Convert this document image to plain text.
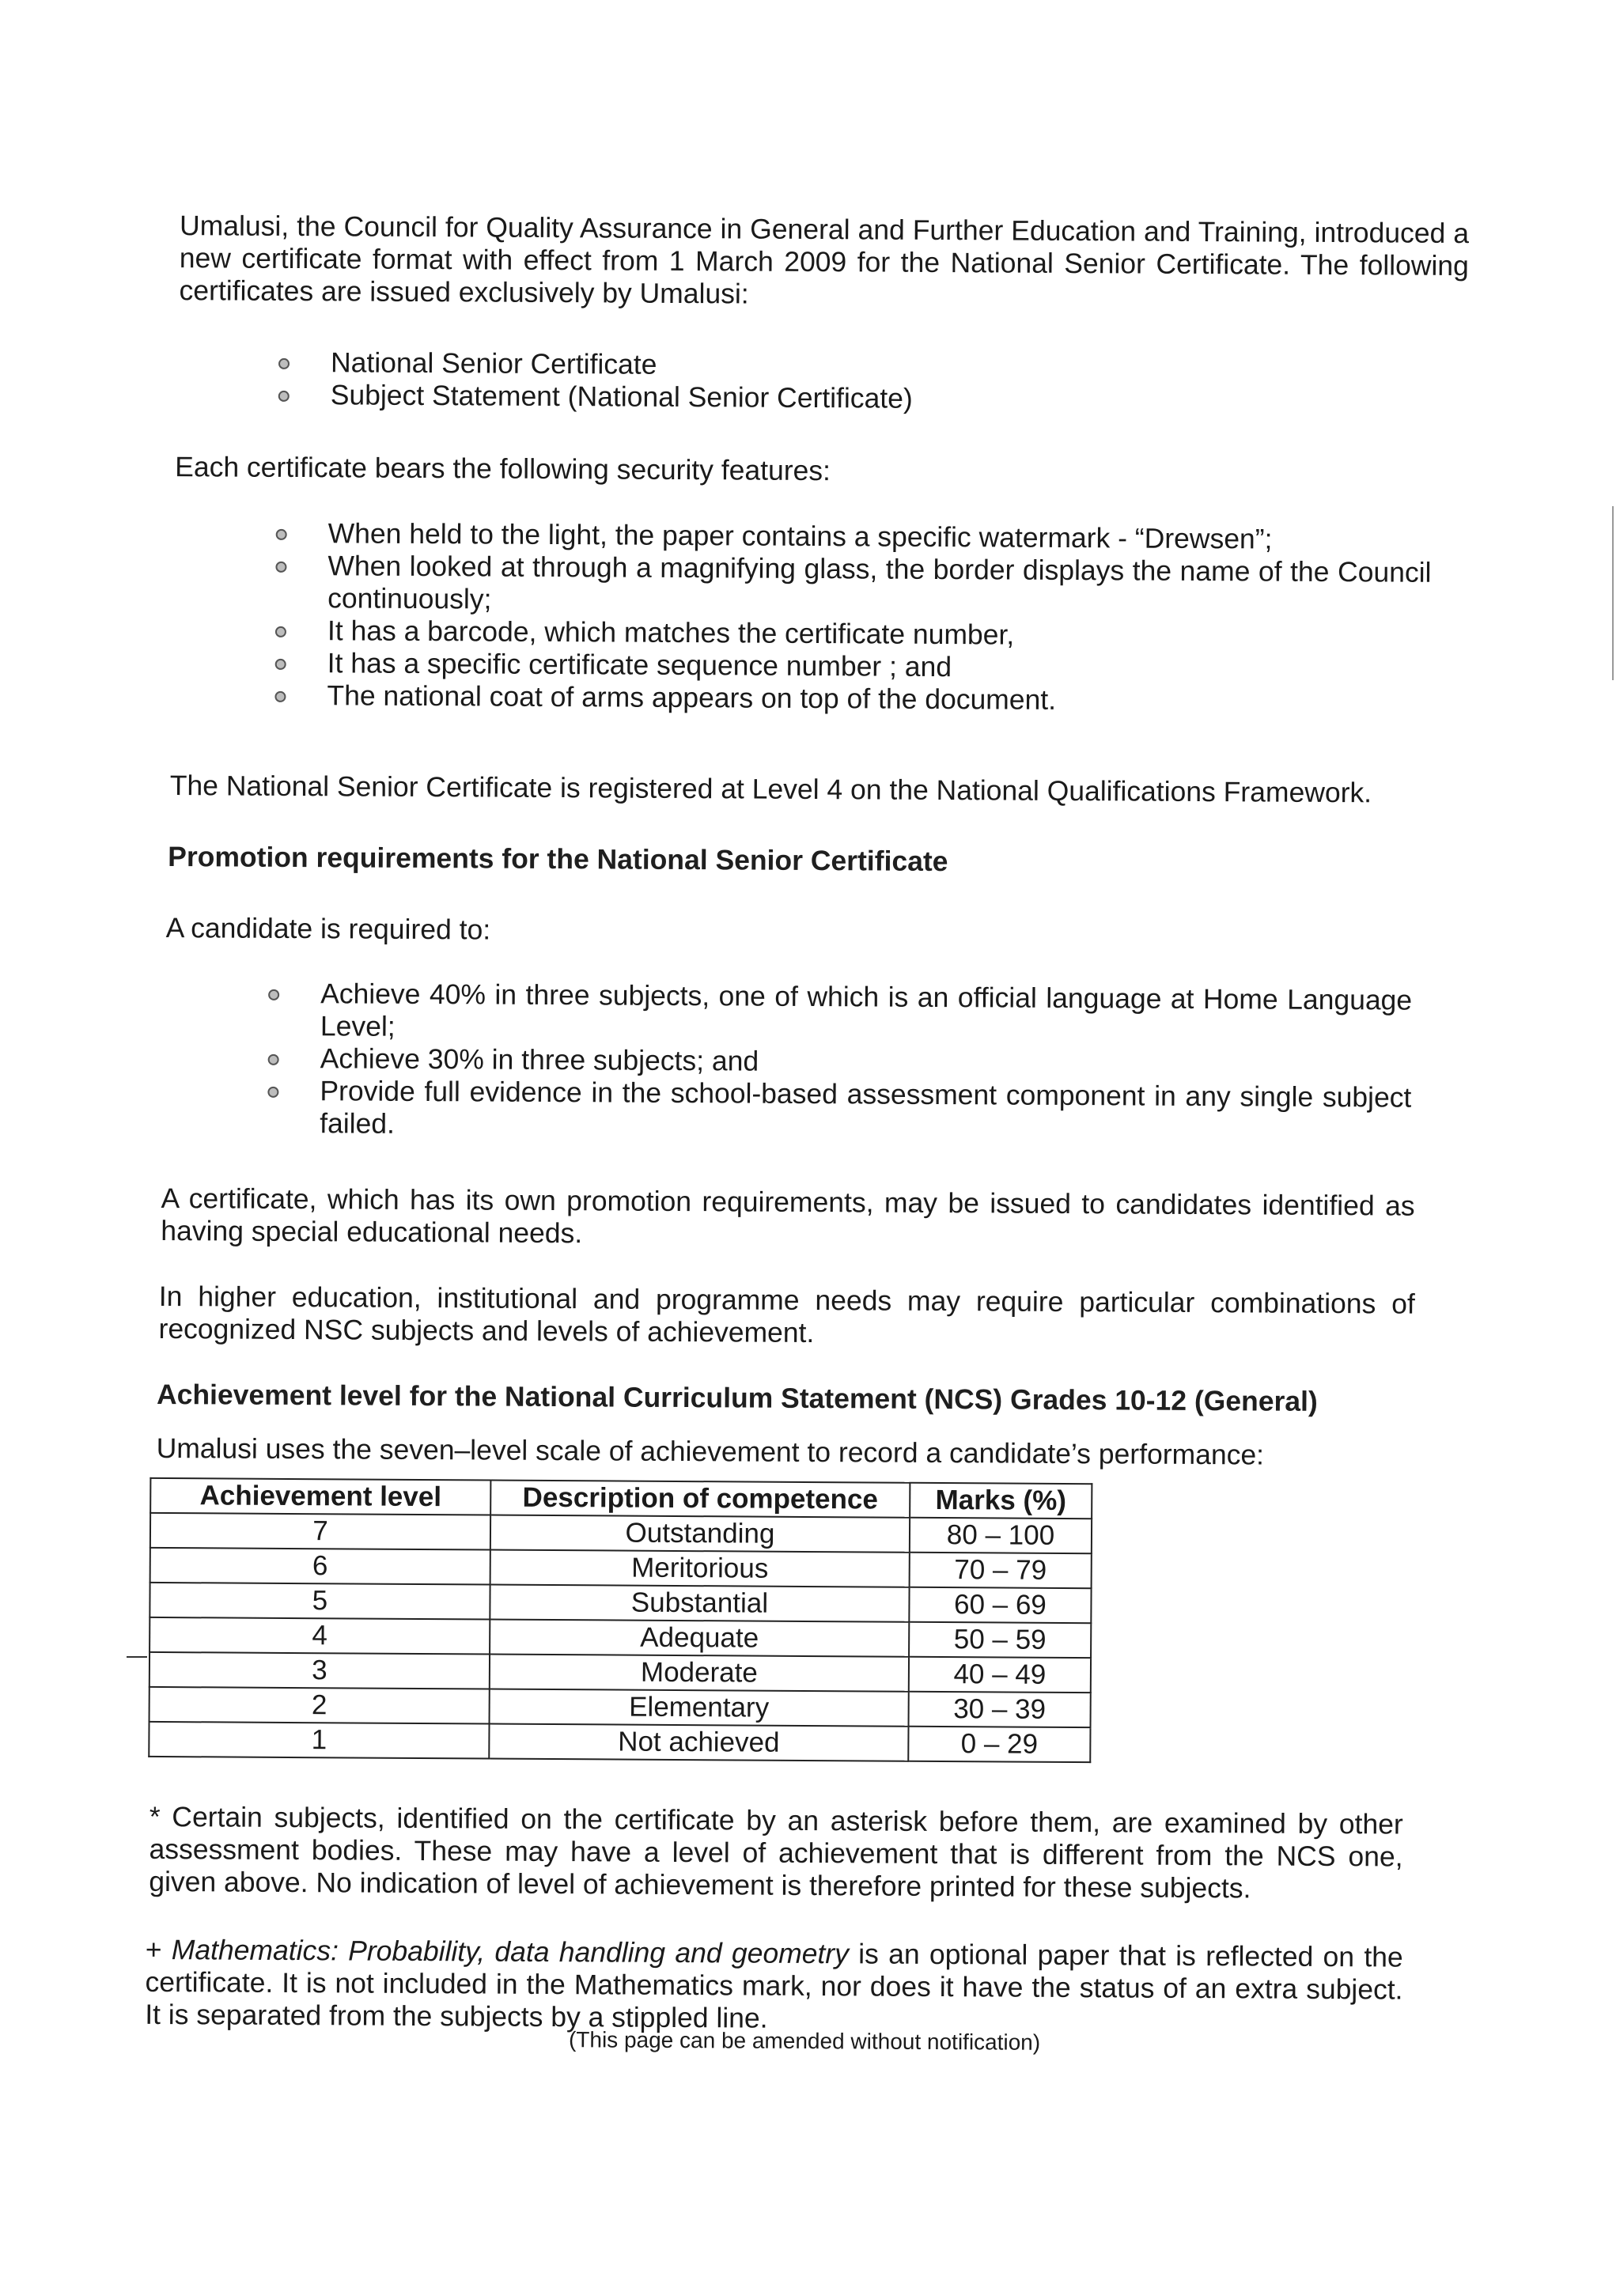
Umalusi, the Council for Quality Assurance in General and Further Education and Training, introduced a new certificate format with effect from 1 March 2009 for the National Senior Certificate. The following certificates are issued exclusively by Umalusi:

National Senior Certificate
Subject Statement (National Senior Certificate)

Each certificate bears the following security features:

When held to the light, the paper contains a specific watermark - “Drewsen”;
When looked at through a magnifying glass, the border displays the name of the Council continuously;
It has a barcode, which matches the certificate number,
It has a specific certificate sequence number ; and
The national coat of arms appears on top of the document.

The National Senior Certificate is registered at Level 4 on the National Qualifications Framework.

Promotion requirements for the National Senior Certificate

A candidate is required to:

Achieve 40% in three subjects, one of which is an official language at Home Language Level;
Achieve 30% in three subjects; and
Provide full evidence in the school-based assessment component in any single subject failed.

A certificate, which has its own promotion requirements, may be issued to candidates identified as having special educational needs.

In higher education, institutional and programme needs may require particular combinations of recognized NSC subjects and levels of achievement.

Achievement level for the National Curriculum Statement (NCS) Grades 10-12 (General)

Umalusi uses the seven–level scale of achievement to record a candidate’s performance:

Achievement level	Description of competence	Marks (%)
7	Outstanding	80 – 100
6	Meritorious	70 – 79
5	Substantial	60 – 69
4	Adequate	50 – 59
3	Moderate	40 – 49
2	Elementary	30 – 39
1	Not achieved	0 – 29

* Certain subjects, identified on the certificate by an asterisk before them, are examined by other assessment bodies. These may have a level of achievement that is different from the NCS one, given above. No indication of level of achievement is therefore printed for these subjects.

+ Mathematics: Probability, data handling and geometry is an optional paper that is reflected on the certificate. It is not included in the Mathematics mark, nor does it have the status of an extra subject. It is separated from the subjects by a stippled line.

(This page can be amended without notification)
